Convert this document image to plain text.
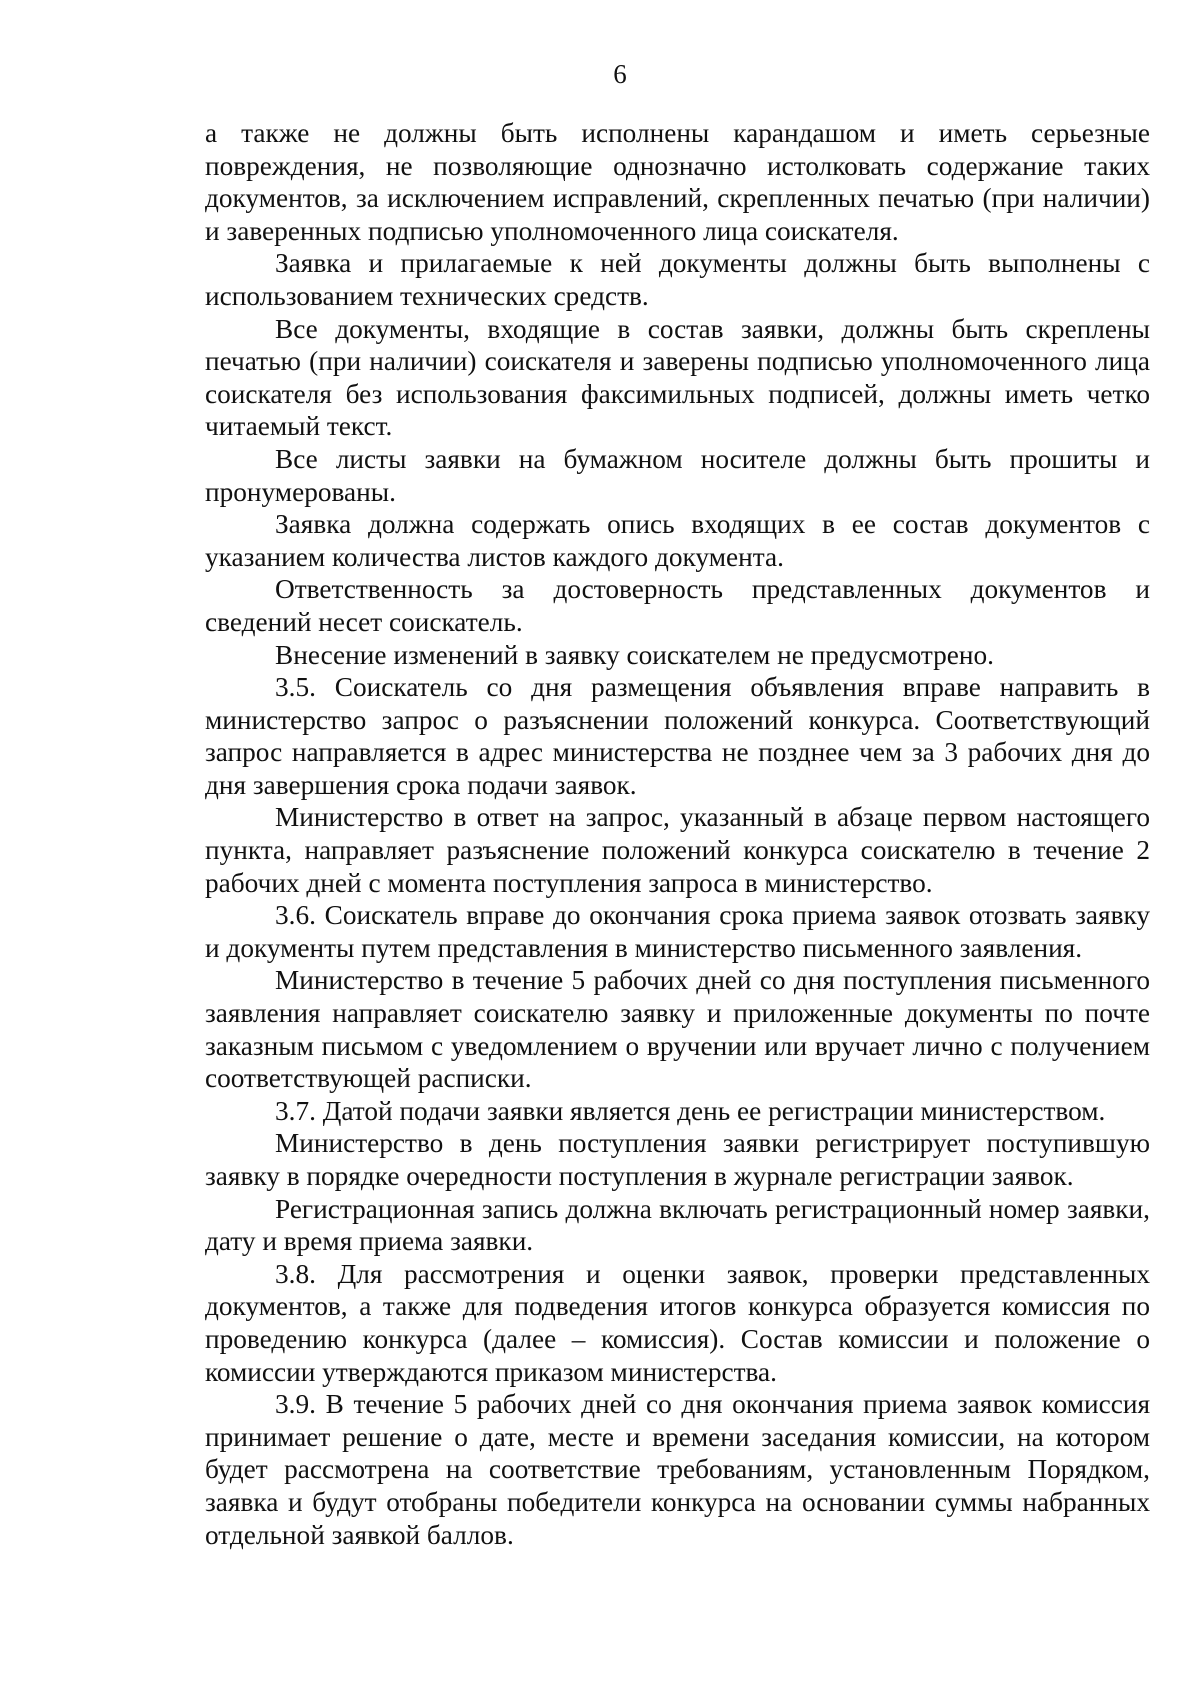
6

а также не должны быть исполнены карандашом и иметь серьезные повреждения, не позволяющие однозначно истолковать содержание таких документов, за исключением исправлений, скрепленных печатью (при наличии) и заверенных подписью уполномоченного лица соискателя.

Заявка и прилагаемые к ней документы должны быть выполнены с использованием технических средств.

Все документы, входящие в состав заявки, должны быть скреплены печатью (при наличии) соискателя и заверены подписью уполномоченного лица соискателя без использования факсимильных подписей, должны иметь четко читаемый текст.

Все листы заявки на бумажном носителе должны быть прошиты и пронумерованы.

Заявка должна содержать опись входящих в ее состав документов с указанием количества листов каждого документа.

Ответственность за достоверность представленных документов и сведений несет соискатель.

Внесение изменений в заявку соискателем не предусмотрено.

3.5. Соискатель со дня размещения объявления вправе направить в министерство запрос о разъяснении положений конкурса. Соответствующий запрос направляется в адрес министерства не позднее чем за 3 рабочих дня до дня завершения срока подачи заявок.

Министерство в ответ на запрос, указанный в абзаце первом настоящего пункта, направляет разъяснение положений конкурса соискателю в течение 2 рабочих дней с момента поступления запроса в министерство.

3.6. Соискатель вправе до окончания срока приема заявок отозвать заявку и документы путем представления в министерство письменного заявления.

Министерство в течение 5 рабочих дней со дня поступления письменного заявления направляет соискателю заявку и приложенные документы по почте заказным письмом с уведомлением о вручении или вручает лично с получением соответствующей расписки.

3.7. Датой подачи заявки является день ее регистрации министерством.

Министерство в день поступления заявки регистрирует поступившую заявку в порядке очередности поступления в журнале регистрации заявок.

Регистрационная запись должна включать регистрационный номер заявки, дату и время приема заявки.

3.8. Для рассмотрения и оценки заявок, проверки представленных документов, а также для подведения итогов конкурса образуется комиссия по проведению конкурса (далее – комиссия). Состав комиссии и положение о комиссии утверждаются приказом министерства.

3.9. В течение 5 рабочих дней со дня окончания приема заявок комиссия принимает решение о дате, месте и времени заседания комиссии, на котором будет рассмотрена на соответствие требованиям, установленным Порядком, заявка и будут отобраны победители конкурса на основании суммы набранных отдельной заявкой баллов.
